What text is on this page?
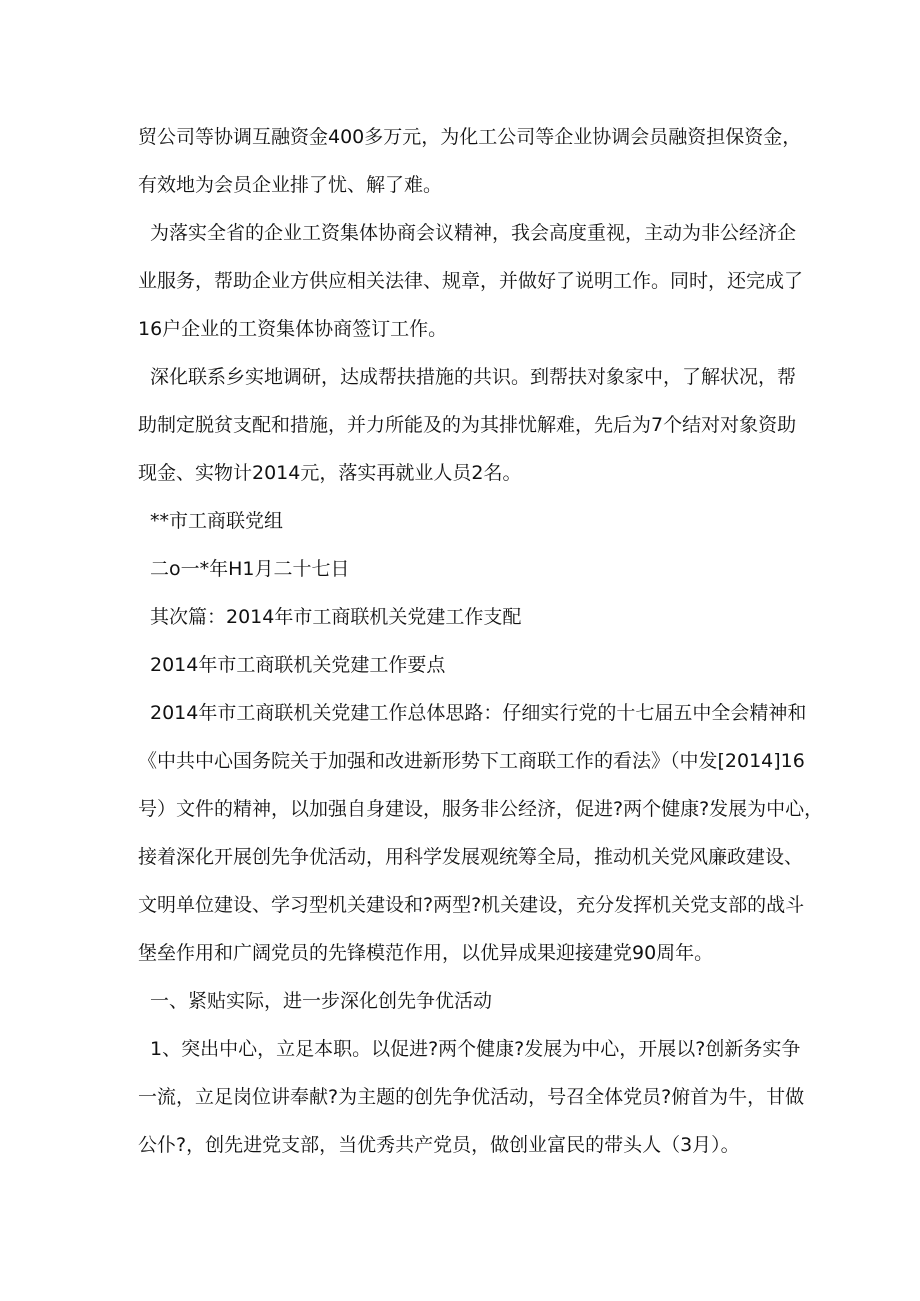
贸公司等协调互融资金400多万元，为化工公司等企业协调会员融资担保资金，
有效地为会员企业排了忧、解了难。

为落实全省的企业工资集体协商会议精神，我会高度重视，主动为非公经济企
业服务，帮助企业方供应相关法律、规章，并做好了说明工作。同时，还完成了
16户企业的工资集体协商签订工作。

深化联系乡实地调研，达成帮扶措施的共识。到帮扶对象家中，了解状况，帮
助制定脱贫支配和措施，并力所能及的为其排忧解难，先后为7个结对对象资助
现金、实物计2014元，落实再就业人员2名。

**市工商联党组

二o一*年H1月二十七日

其次篇：2014年市工商联机关党建工作支配

2014年市工商联机关党建工作要点

2014年市工商联机关党建工作总体思路：仔细实行党的十七届五中全会精神和
《中共中心国务院关于加强和改进新形势下工商联工作的看法》（中发[2014]16
号）文件的精神，以加强自身建设，服务非公经济，促进?两个健康?发展为中心，
接着深化开展创先争优活动，用科学发展观统筹全局，推动机关党风廉政建设、
文明单位建设、学习型机关建设和?两型?机关建设，充分发挥机关党支部的战斗
堡垒作用和广阔党员的先锋模范作用，以优异成果迎接建党90周年。

一、紧贴实际，进一步深化创先争优活动

1、突出中心，立足本职。以促进?两个健康?发展为中心，开展以?创新务实争
一流，立足岗位讲奉献?为主题的创先争优活动，号召全体党员?俯首为牛，甘做
公仆?，创先进党支部，当优秀共产党员，做创业富民的带头人（3月）。
